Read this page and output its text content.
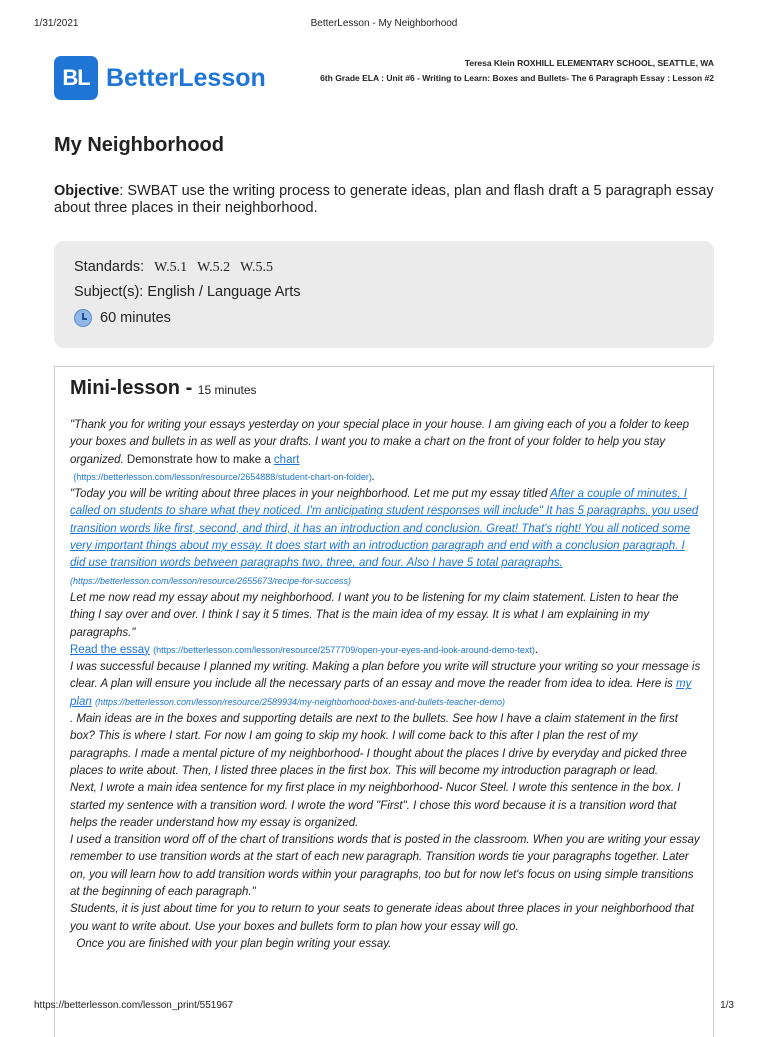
1/31/2021	BetterLesson - My Neighborhood
BL BetterLesson
Teresa Klein ROXHILL ELEMENTARY SCHOOL, SEATTLE, WA
6th Grade ELA : Unit #6 - Writing to Learn: Boxes and Bullets- The 6 Paragraph Essay : Lesson #2
My Neighborhood
Objective: SWBAT use the writing process to generate ideas, plan and flash draft a 5 paragraph essay about three places in their neighborhood.
Standards: W.5.1 W.5.2 W.5.5
Subject(s): English / Language Arts
60 minutes
Mini-lesson - 15 minutes

"Thank you for writing your essays yesterday on your special place in your house. I am giving each of you a folder to keep your boxes and bullets in as well as your drafts. I want you to make a chart on the front of your folder to help you stay organized. Demonstrate how to make a chart

(https://betterlesson.com/lesson/resource/2654888/student-chart-on-folder).

"Today you will be writing about three places in your neighborhood. Let me put my essay titled After a couple of minutes, I called on students to share what they noticed. I'm anticipating student responses will include" It has 5 paragraphs, you used transition words like first, second, and third, it has an introduction and conclusion. Great! That's right! You all noticed some very important things about my essay. It does start with an introduction paragraph and end with a conclusion paragraph. I did use transition words between paragraphs two, three, and four. Also I have 5 total paragraphs. (https://betterlesson.com/lesson/resource/2655673/recipe-for-success)

Let me now read my essay about my neighborhood. I want you to be listening for my claim statement. Listen to hear the thing I say over and over. I think I say it 5 times. That is the main idea of my essay. It is what I am explaining in my paragraphs."

Read the essay (https://betterlesson.com/lesson/resource/2577709/open-your-eyes-and-look-around-demo-text).

I was successful because I planned my writing. Making a plan before you write will structure your writing so your message is clear. A plan will ensure you include all the necessary parts of an essay and move the reader from idea to idea. Here is my plan (https://betterlesson.com/lesson/resource/2589934/my-neighborhood-boxes-and-bullets-teacher-demo)

. Main ideas are in the boxes and supporting details are next to the bullets. See how I have a claim statement in the first box? This is where I start. For now I am going to skip my hook. I will come back to this after I plan the rest of my paragraphs. I made a mental picture of my neighborhood- I thought about the places I drive by everyday and picked three places to write about. Then, I listed three places in the first box. This will become my introduction paragraph or lead.

Next, I wrote a main idea sentence for my first place in my neighborhood- Nucor Steel. I wrote this sentence in the box. I started my sentence with a transition word. I wrote the word "First". I chose this word because it is a transition word that helps the reader understand how my essay is organized.

I used a transition word off of the chart of transitions words that is posted in the classroom. When you are writing your essay remember to use transition words at the start of each new paragraph. Transition words tie your paragraphs together. Later on, you will learn how to add transition words within your paragraphs, too but for now let's focus on using simple transitions at the beginning of each paragraph."

Students, it is just about time for you to return to your seats to generate ideas about three places in your neighborhood that you want to write about. Use your boxes and bullets form to plan how your essay will go.

Once you are finished with your plan begin writing your essay.

https://betterlesson.com/lesson_print/551967	1/3
